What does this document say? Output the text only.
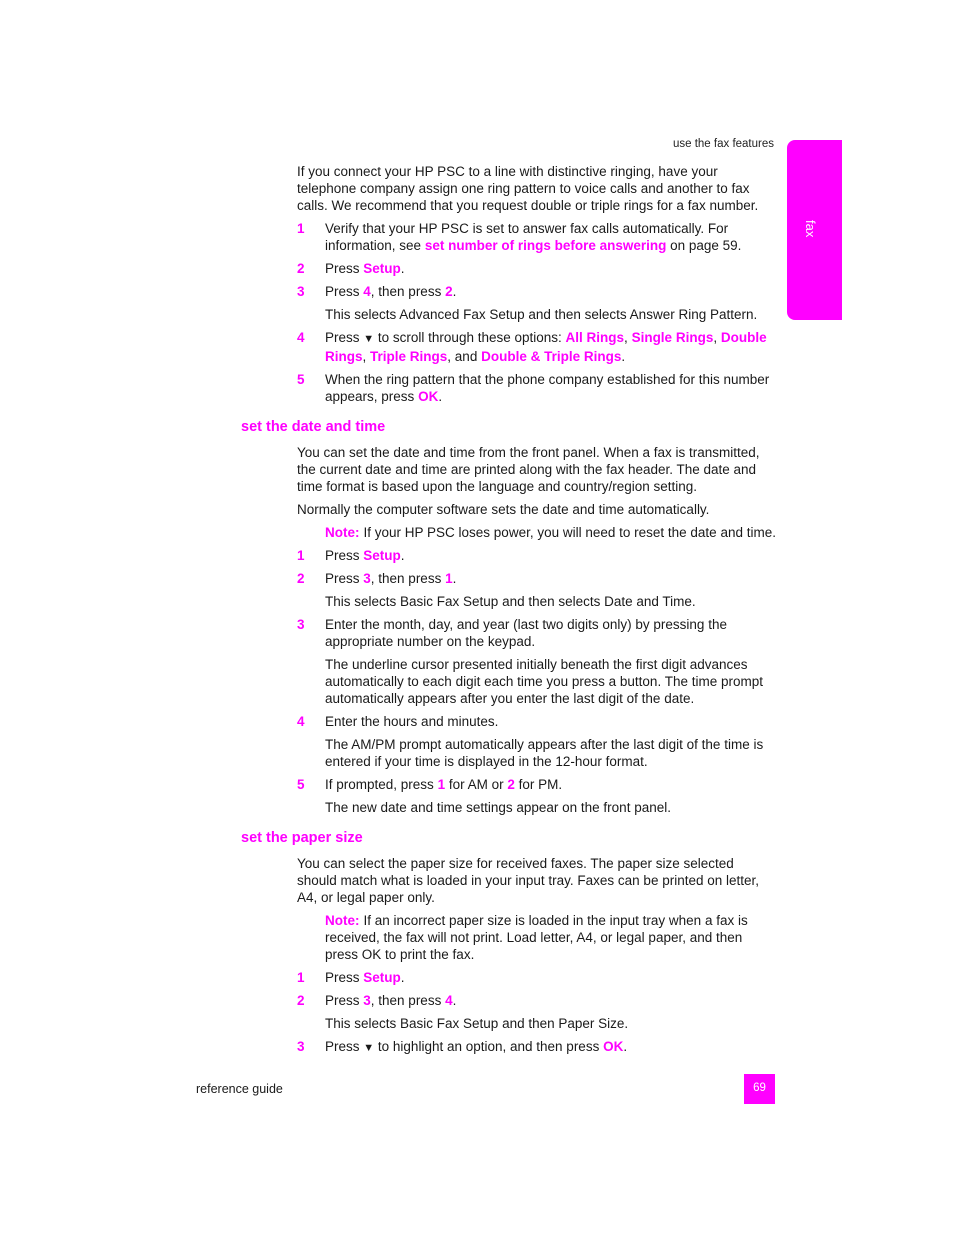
use the fax features
fax

If you connect your HP PSC to a line with distinctive ringing, have your telephone company assign one ring pattern to voice calls and another to fax calls. We recommend that you request double or triple rings for a fax number.

1 Verify that your HP PSC is set to answer fax calls automatically. For information, see set number of rings before answering on page 59.
2 Press Setup.
3 Press 4, then press 2.

This selects Advanced Fax Setup and then selects Answer Ring Pattern.

4 Press ▼ to scroll through these options: All Rings, Single Rings, Double Rings, Triple Rings, and Double & Triple Rings.
5 When the ring pattern that the phone company established for this number appears, press OK.
set the date and time

You can set the date and time from the front panel. When a fax is transmitted, the current date and time are printed along with the fax header. The date and time format is based upon the language and country/region setting.

Normally the computer software sets the date and time automatically.

Note: If your HP PSC loses power, you will need to reset the date and time.

1 Press Setup.
2 Press 3, then press 1.

This selects Basic Fax Setup and then selects Date and Time.

3 Enter the month, day, and year (last two digits only) by pressing the appropriate number on the keypad.

The underline cursor presented initially beneath the first digit advances automatically to each digit each time you press a button. The time prompt automatically appears after you enter the last digit of the date.

4 Enter the hours and minutes.

The AM/PM prompt automatically appears after the last digit of the time is entered if your time is displayed in the 12-hour format.

5 If prompted, press 1 for AM or 2 for PM.

The new date and time settings appear on the front panel.

set the paper size

You can select the paper size for received faxes. The paper size selected should match what is loaded in your input tray. Faxes can be printed on letter, A4, or legal paper only.

Note: If an incorrect paper size is loaded in the input tray when a fax is received, the fax will not print. Load letter, A4, or legal paper, and then press OK to print the fax.

1 Press Setup.
2 Press 3, then press 4.

This selects Basic Fax Setup and then Paper Size.

3 Press ▼ to highlight an option, and then press OK.
reference guide	69
